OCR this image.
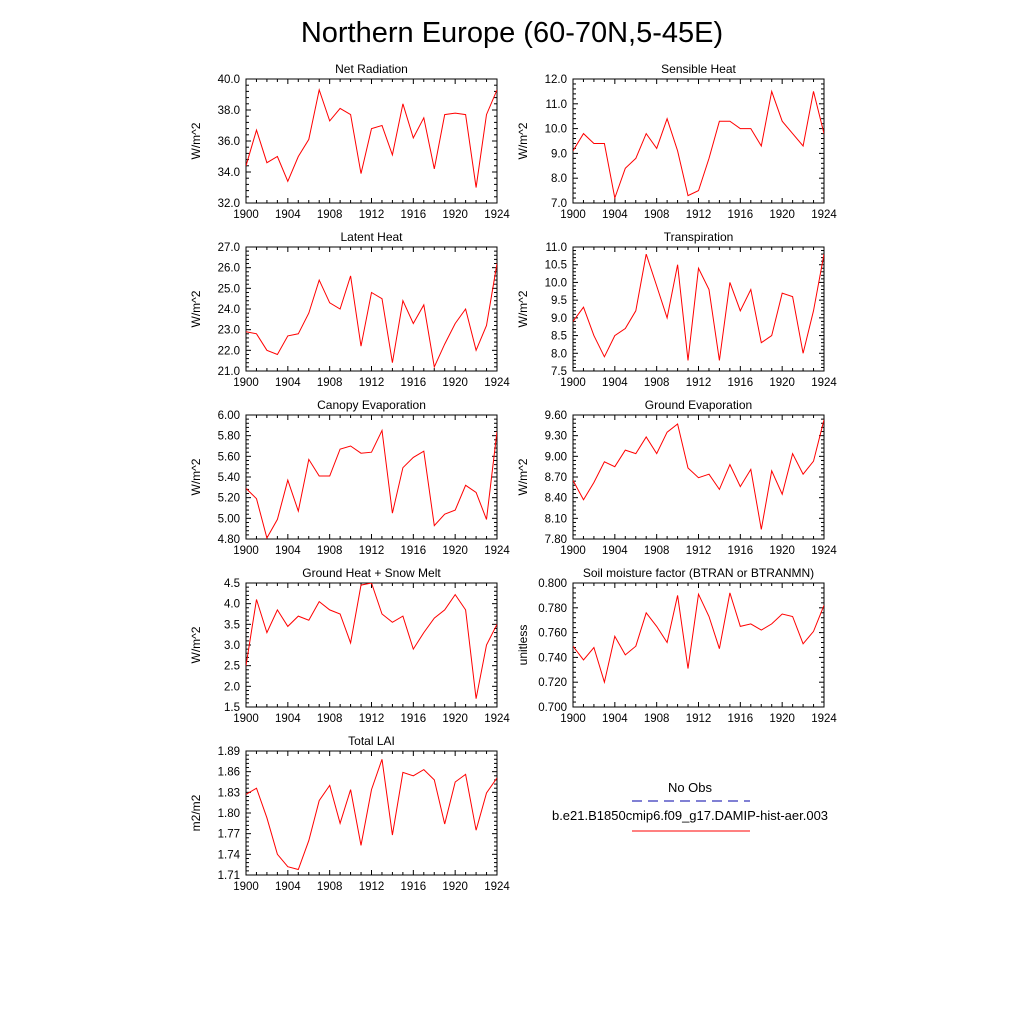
Northern Europe (60-70N,5-45E)
Net Radiation
W/m^2
1900 1904 1908 1912 1916 1920 1924
32.0
34.0
36.0
38.0
40.0
Sensible Heat
W/m^2
1900 1904 1908 1912 1916 1920 1924
7.0
8.0
9.0
10.0
11.0
12.0
Latent Heat
W/m^2
1900 1904 1908 1912 1916 1920 1924
21.0
22.0
23.0
24.0
25.0
26.0
27.0
Transpiration
W/m^2
1900 1904 1908 1912 1916 1920 1924
7.5
8.0
8.5
9.0
9.5
10.0
10.5
11.0
Canopy Evaporation
W/m^2
1900 1904 1908 1912 1916 1920 1924
4.80
5.00
5.20
5.40
5.60
5.80
6.00
Ground Evaporation
W/m^2
1900 1904 1908 1912 1916 1920 1924
7.80
8.10
8.40
8.70
9.00
9.30
9.60
Ground Heat + Snow Melt
W/m^2
1900 1904 1908 1912 1916 1920 1924
1.5
2.0
2.5
3.0
3.5
4.0
4.5
Soil moisture factor (BTRAN or BTRANMN)
unitless
1900 1904 1908 1912 1916 1920 1924
0.700
0.720
0.740
0.760
0.780
0.800
Total LAI
m2/m2
1900 1904 1908 1912 1916 1920 1924
1.71
1.74
1.77
1.80
1.83
1.86
1.89
No Obs
b.e21.B1850cmip6.f09_g17.DAMIP-hist-aer.003
